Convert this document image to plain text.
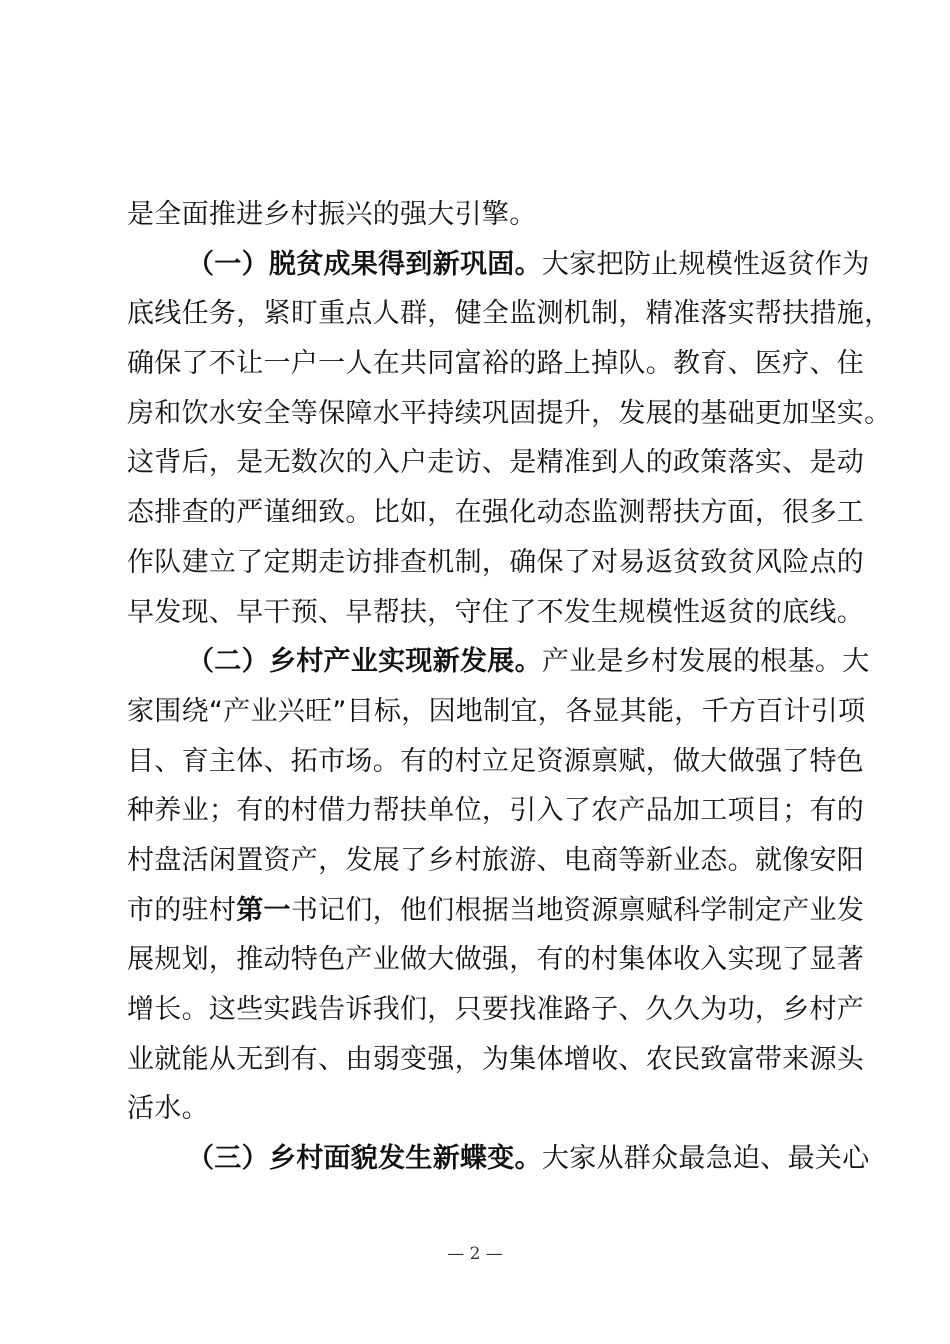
是全面推进乡村振兴的强大引擎。
（一）脱贫成果得到新巩固。大家把防止规模性返贫作为
底线任务，紧盯重点人群，健全监测机制，精准落实帮扶措施，
确保了不让一户一人在共同富裕的路上掉队。教育、医疗、住
房和饮水安全等保障水平持续巩固提升，发展的基础更加坚实。
这背后，是无数次的入户走访、是精准到人的政策落实、是动
态排查的严谨细致。比如，在强化动态监测帮扶方面，很多工
作队建立了定期走访排查机制，确保了对易返贫致贫风险点的
早发现、早干预、早帮扶，守住了不发生规模性返贫的底线。
（二）乡村产业实现新发展。产业是乡村发展的根基。大
家围绕“产业兴旺”目标，因地制宜，各显其能，千方百计引项
目、育主体、拓市场。有的村立足资源禀赋，做大做强了特色
种养业；有的村借力帮扶单位，引入了农产品加工项目；有的
村盘活闲置资产，发展了乡村旅游、电商等新业态。就像安阳
市的驻村第一书记们，他们根据当地资源禀赋科学制定产业发
展规划，推动特色产业做大做强，有的村集体收入实现了显著
增长。这些实践告诉我们，只要找准路子、久久为功，乡村产
业就能从无到有、由弱变强，为集体增收、农民致富带来源头
活水。
（三）乡村面貌发生新蝶变。大家从群众最急迫、最关心
— 2 —
